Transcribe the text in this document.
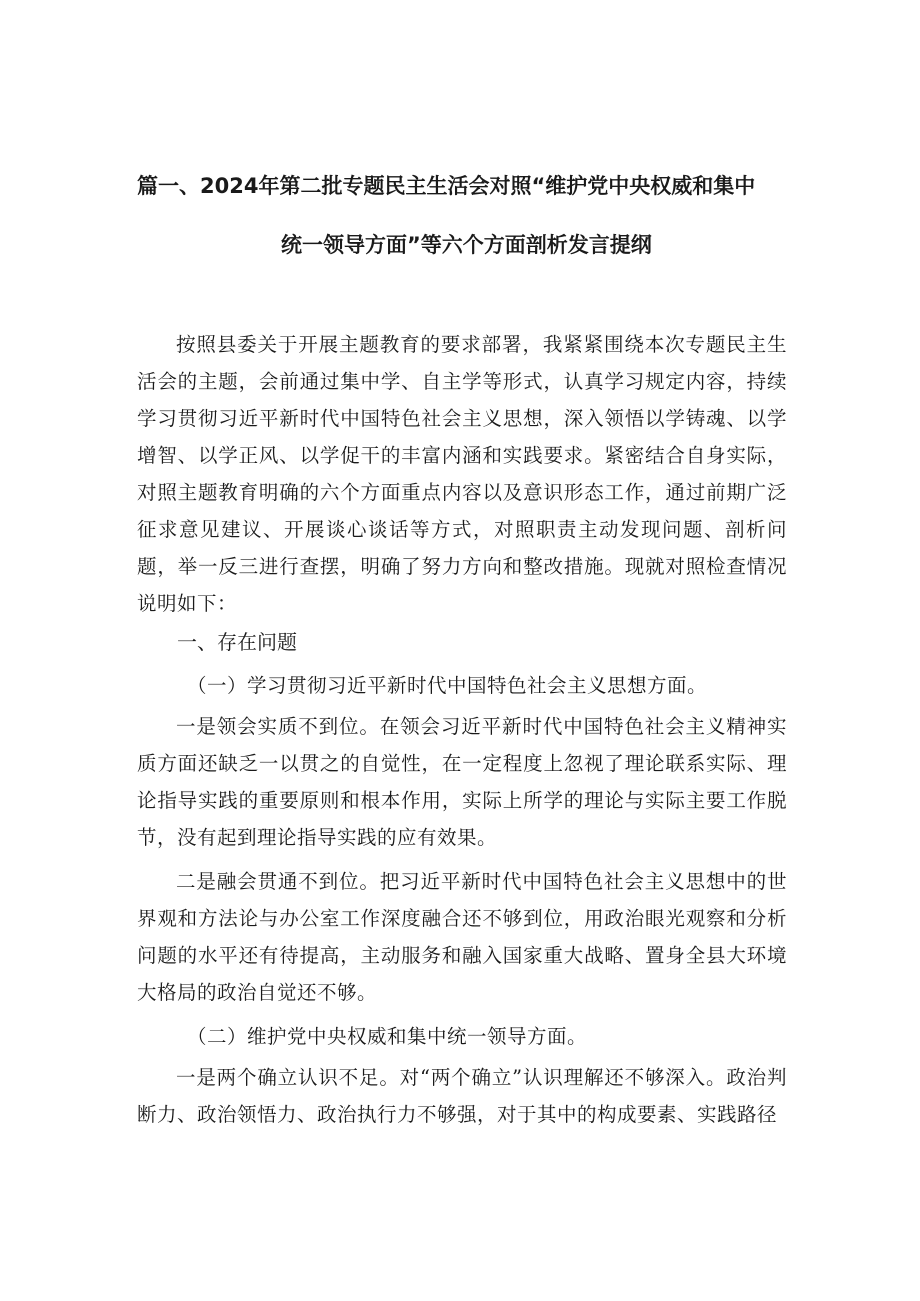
篇一、2024年第二批专题民主生活会对照“维护党中央权威和集中
统一领导方面”等六个方面剖析发言提纲

按照县委关于开展主题教育的要求部署，我紧紧围绕本次专题民主生活会的主题，会前通过集中学、自主学等形式，认真学习规定内容，持续学习贯彻习近平新时代中国特色社会主义思想，深入领悟以学铸魂、以学增智、以学正风、以学促干的丰富内涵和实践要求。紧密结合自身实际，对照主题教育明确的六个方面重点内容以及意识形态工作，通过前期广泛征求意见建议、开展谈心谈话等方式，对照职责主动发现问题、剖析问题，举一反三进行查摆，明确了努力方向和整改措施。现就对照检查情况说明如下：

一、存在问题

（一）学习贯彻习近平新时代中国特色社会主义思想方面。

一是领会实质不到位。在领会习近平新时代中国特色社会主义精神实质方面还缺乏一以贯之的自觉性，在一定程度上忽视了理论联系实际、理论指导实践的重要原则和根本作用，实际上所学的理论与实际主要工作脱节，没有起到理论指导实践的应有效果。

二是融会贯通不到位。把习近平新时代中国特色社会主义思想中的世界观和方法论与办公室工作深度融合还不够到位，用政治眼光观察和分析问题的水平还有待提高，主动服务和融入国家重大战略、置身全县大环境大格局的政治自觉还不够。

（二）维护党中央权威和集中统一领导方面。

一是两个确立认识不足。对“两个确立”认识理解还不够深入。政治判断力、政治领悟力、政治执行力不够强，对于其中的构成要素、实践路径
